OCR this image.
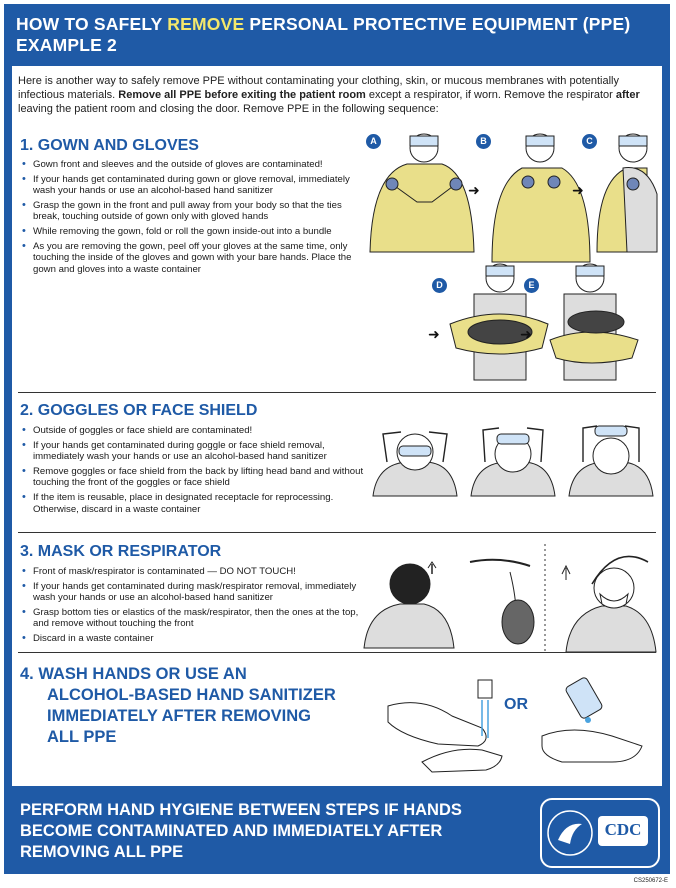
HOW TO SAFELY REMOVE PERSONAL PROTECTIVE EQUIPMENT (PPE)
EXAMPLE 2
Here is another way to safely remove PPE without contaminating your clothing, skin, or mucous membranes with potentially infectious materials. Remove all PPE before exiting the patient room except a respirator, if worn. Remove the respirator after leaving the patient room and closing the door. Remove PPE in the following sequence:
1. GOWN AND GLOVES
• Gown front and sleeves and the outside of gloves are contaminated!
• If your hands get contaminated during gown or glove removal, immediately wash your hands or use an alcohol-based hand sanitizer
• Grasp the gown in the front and pull away from your body so that the ties break, touching outside of gown only with gloved hands
• While removing the gown, fold or roll the gown inside-out into a bundle
• As you are removing the gown, peel off your gloves at the same time, only touching the inside of the gloves and gown with your bare hands. Place the gown and gloves into a waste container
A	B	C
D	E
➜	➜
➜	➜
2. GOGGLES OR FACE SHIELD
• Outside of goggles or face shield are contaminated!
• If your hands get contaminated during goggle or face shield removal, immediately wash your hands or use an alcohol-based hand sanitizer
• Remove goggles or face shield from the back by lifting head band and without touching the front of the goggles or face shield
• If the item is reusable, place in designated receptacle for reprocessing. Otherwise, discard in a waste container
3. MASK OR RESPIRATOR
• Front of mask/respirator is contaminated — DO NOT TOUCH!
• If your hands get contaminated during mask/respirator removal, immediately wash your hands or use an alcohol-based hand sanitizer
• Grasp bottom ties or elastics of the mask/respirator, then the ones at the top, and remove without touching the front
• Discard in a waste container
4. WASH HANDS OR USE AN
ALCOHOL-BASED HAND SANITIZER
IMMEDIATELY AFTER REMOVING
ALL PPE
OR
PERFORM HAND HYGIENE BETWEEN STEPS IF HANDS
BECOME CONTAMINATED AND IMMEDIATELY AFTER
REMOVING ALL PPE
CDC
CS250672-E
